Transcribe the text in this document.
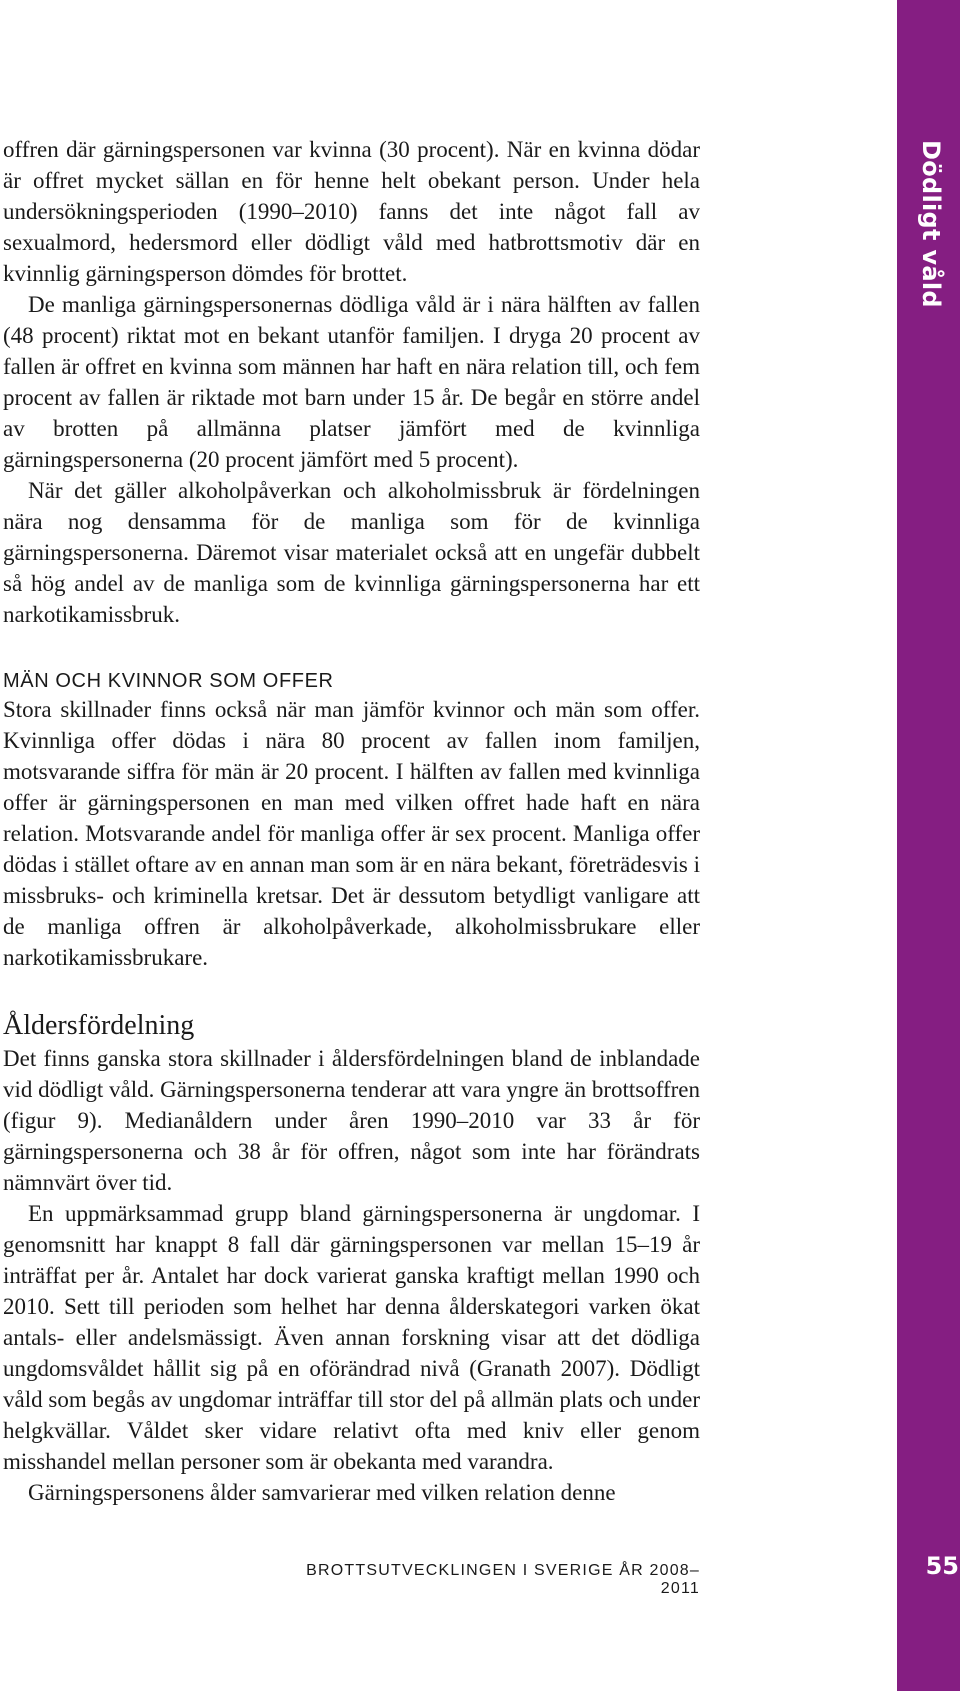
Dödligt våld
55

offren där gärningspersonen var kvinna (30 procent). När en kvinna dödar är offret mycket sällan en för henne helt obekant person. Under hela undersökningsperioden (1990–2010) fanns det inte något fall av sexualmord, hedersmord eller dödligt våld med hatbrottsmotiv där en kvinnlig gärningsperson dömdes för brottet.

De manliga gärningspersonernas dödliga våld är i nära hälften av fallen (48 procent) riktat mot en bekant utanför familjen. I dryga 20 procent av fallen är offret en kvinna som männen har haft en nära relation till, och fem procent av fallen är riktade mot barn under 15 år. De begår en större andel av brotten på allmänna platser jämfört med de kvinnliga gärningspersonerna (20 procent jämfört med 5 procent).

När det gäller alkoholpåverkan och alkoholmissbruk är fördelningen nära nog densamma för de manliga som för de kvinnliga gärningspersonerna. Däremot visar materialet också att en ungefär dubbelt så hög andel av de manliga som de kvinnliga gärningspersonerna har ett narkotikamissbruk.

MÄN OCH KVINNOR SOM OFFER

Stora skillnader finns också när man jämför kvinnor och män som offer. Kvinnliga offer dödas i nära 80 procent av fallen inom familjen, motsvarande siffra för män är 20 procent. I hälften av fallen med kvinnliga offer är gärningspersonen en man med vilken offret hade haft en nära relation. Motsvarande andel för manliga offer är sex procent. Manliga offer dödas i stället oftare av en annan man som är en nära bekant, företrädesvis i missbruks- och kriminella kretsar. Det är dessutom betydligt vanligare att de manliga offren är alkoholpåverkade, alkoholmissbrukare eller narkotikamissbrukare.

Åldersfördelning

Det finns ganska stora skillnader i åldersfördelningen bland de inblandade vid dödligt våld. Gärningspersonerna tenderar att vara yngre än brottsoffren (figur 9). Medianåldern under åren 1990–2010 var 33 år för gärningspersonerna och 38 år för offren, något som inte har förändrats nämnvärt över tid.

En uppmärksammad grupp bland gärningspersonerna är ungdomar. I genomsnitt har knappt 8 fall där gärningspersonen var mellan 15–19 år inträffat per år. Antalet har dock varierat ganska kraftigt mellan 1990 och 2010. Sett till perioden som helhet har denna ålderskategori varken ökat antals- eller andelsmässigt. Även annan forskning visar att det dödliga ungdomsvåldet hållit sig på en oförändrad nivå (Granath 2007). Dödligt våld som begås av ungdomar inträffar till stor del på allmän plats och under helgkvällar. Våldet sker vidare relativt ofta med kniv eller genom misshandel mellan personer som är obekanta med varandra.

Gärningspersonens ålder samvarierar med vilken relation denne

BROTTSUTVECKLINGEN I SVERIGE ÅR 2008–2011
